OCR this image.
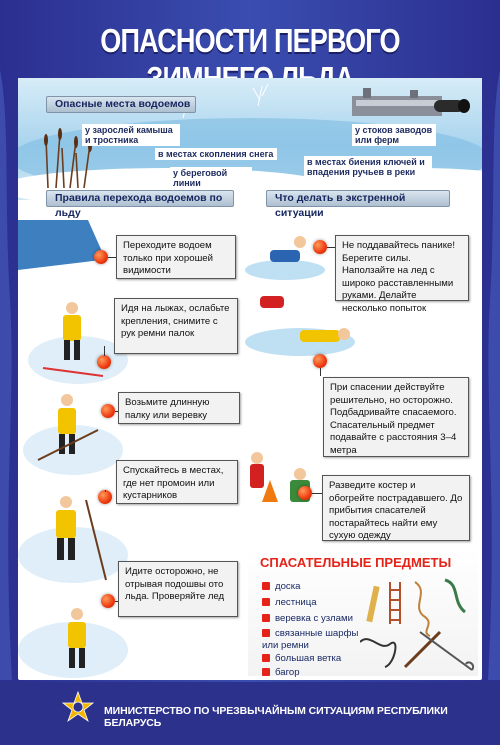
ОПАСНОСТИ ПЕРВОГО
Опасные места водоемов
у зарослей камыша и тростника
в местах скопления снега
у береговой линии
у стоков заводов или ферм
в местах биения ключей и впадения ручьев в реки
Правила перехода водоемов по льду
Что делать в экстренной ситуации
Переходите водоем только при хорошей видимости
Идя на лыжах, ослабьте крепления, снимите с рук ремни палок
Возьмите длинную палку или веревку
Спускайтесь в местах, где нет промоин или кустарников
Идите осторожно, не отрывая подошвы ото льда. Проверяйте лед
Не поддавайтесь панике! Берегите силы. Наползайте на лед с широко расставленными руками. Делайте несколько попыток
При спасении действуйте решительно, но осторожно. Подбадривайте спасаемого. Спасательный предмет подавайте с расстояния 3–4 метра
Разведите костер и обогрейте пострадавшего. До прибытия спасателей постарайтесь найти ему сухую одежду
СПАСАТЕЛЬНЫЕ ПРЕДМЕТЫ
доска
лестница
веревка с узлами
связанные шарфы или ремни
большая ветка
багор
МИНИСТЕРСТВО ПО ЧРЕЗВЫЧАЙНЫМ СИТУАЦИЯМ РЕСПУБЛИКИ БЕЛАРУСЬ
